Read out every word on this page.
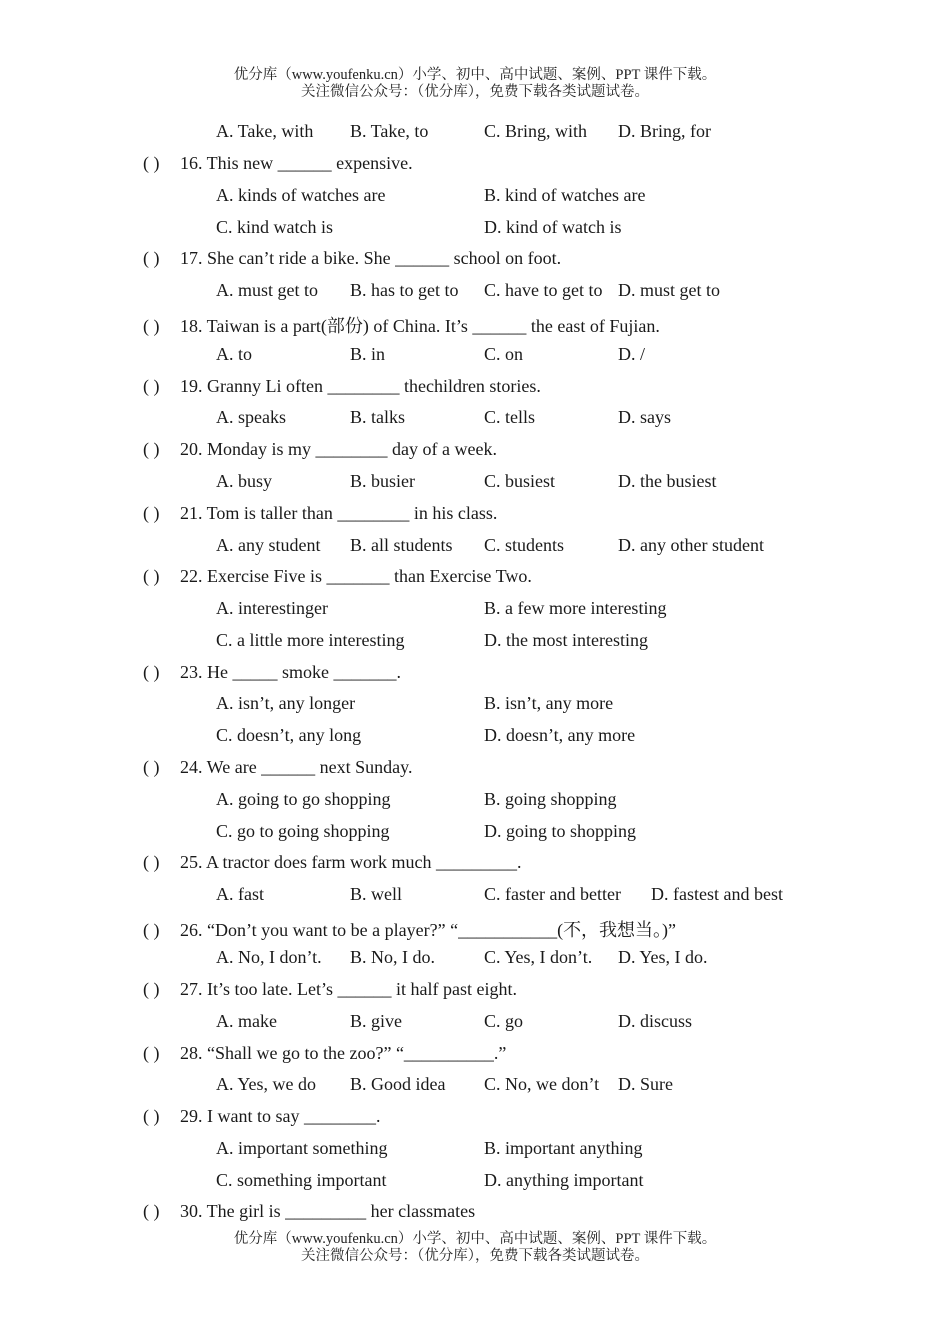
优分库（www.youfenku.cn）小学、初中、高中试题、案例、PPT 课件下载。
关注微信公众号：（优分库），免费下载各类试题试卷。
A. Take, with B. Take, to	C. Bring, with D. Bring, for
( ) 16. This new ______ expensive.
A. kinds of watches are	B. kind of watches are
C. kind watch is	D. kind of watch is
( ) 17. She can’t ride a bike. She ______ school on foot.
A. must get to B. has to get to C. have to get to D. must get to
( ) 18. Taiwan is a part(部份) of China. It’s ______ the east of Fujian.
A. to	B. in	C. on	D. /
( ) 19. Granny Li often ________ thechildren stories.
A. speaks	B. talks	C. tells	D. says
( ) 20. Monday is my ________ day of a week.
A. busy	B. busier	C. busiest	D. the busiest
( ) 21. Tom is taller than ________ in his class.
A. any student B. all students C. students	D. any other student
( ) 22. Exercise Five is _______ than Exercise Two.
A. interestinger	B. a few more interesting
C. a little more interesting	D. the most interesting
( ) 23. He _____ smoke _______.
A. isn’t, any longer	B. isn’t, any more
C. doesn’t, any long	D. doesn’t, any more
( ) 24. We are ______ next Sunday.
A. going to go shopping	B. going shopping
C. go to going shopping	D. going to shopping
( ) 25. A tractor does farm work much _________.
A. fast	B. well	C. faster and better D. fastest and best
( ) 26. “Don’t you want to be a player?” “___________(不，我想当。)”
A. No, I don’t. B. No, I do.	C. Yes, I don’t. D. Yes, I do.
( ) 27. It’s too late. Let’s ______ it half past eight.
A. make	B. give	C. go	D. discuss
( ) 28. “Shall we go to the zoo?” “__________.”
A. Yes, we do B. Good idea C. No, we don’t D. Sure
( ) 29. I want to say ________.
A. important something	B. important anything
C. something important	D. anything important
( ) 30. The girl is _________ her classmates
优分库（www.youfenku.cn）小学、初中、高中试题、案例、PPT 课件下载。
关注微信公众号：（优分库），免费下载各类试题试卷。
